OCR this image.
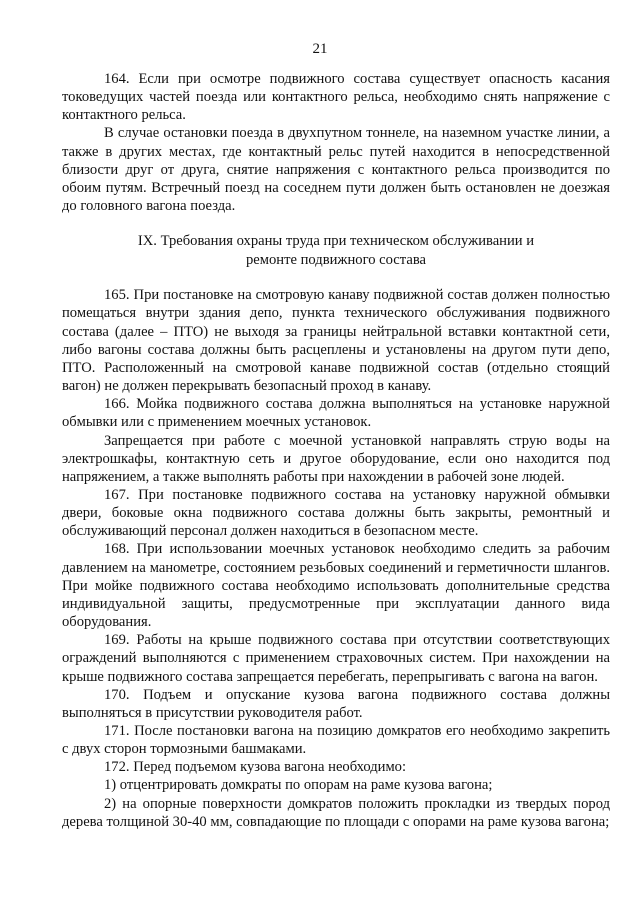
21

164. Если при осмотре подвижного состава существует опасность касания токоведущих частей поезда или контактного рельса, необходимо снять напряжение с контактного рельса.

В случае остановки поезда в двухпутном тоннеле, на наземном участке линии, а также в других местах, где контактный рельс путей находится в непосредственной близости друг от друга, снятие напряжения с контактного рельса производится по обоим путям. Встречный поезд на соседнем пути должен быть остановлен не доезжая до головного вагона поезда.

IX. Требования охраны труда при техническом обслуживании и
ремонте подвижного состава

165. При постановке на смотровую канаву подвижной состав должен полностью помещаться внутри здания депо, пункта технического обслуживания подвижного состава (далее – ПТО) не выходя за границы нейтральной вставки контактной сети, либо вагоны состава должны быть расцеплены и установлены на другом пути депо, ПТО. Расположенный на смотровой канаве подвижной состав (отдельно стоящий вагон) не должен перекрывать безопасный проход в канаву.

166. Мойка подвижного состава должна выполняться на установке наружной обмывки или с применением моечных установок.

Запрещается при работе с моечной установкой направлять струю воды на электрошкафы, контактную сеть и другое оборудование, если оно находится под напряжением, а также выполнять работы при нахождении в рабочей зоне людей.

167. При постановке подвижного состава на установку наружной обмывки двери, боковые окна подвижного состава должны быть закрыты, ремонтный и обслуживающий персонал должен находиться в безопасном месте.

168. При использовании моечных установок необходимо следить за рабочим давлением на манометре, состоянием резьбовых соединений и герметичности шлангов. При мойке подвижного состава необходимо использовать дополнительные средства индивидуальной защиты, предусмотренные при эксплуатации данного вида оборудования.

169. Работы на крыше подвижного состава при отсутствии соответствующих ограждений выполняются с применением страховочных систем. При нахождении на крыше подвижного состава запрещается перебегать, перепрыгивать с вагона на вагон.

170. Подъем и опускание кузова вагона подвижного состава должны выполняться в присутствии руководителя работ.

171. После постановки вагона на позицию домкратов его необходимо закрепить с двух сторон тормозными башмаками.

172. Перед подъемом кузова вагона необходимо:

1) отцентрировать домкраты по опорам на раме кузова вагона;

2) на опорные поверхности домкратов положить прокладки из твердых пород дерева толщиной 30-40 мм, совпадающие по площади с опорами на раме кузова вагона;
